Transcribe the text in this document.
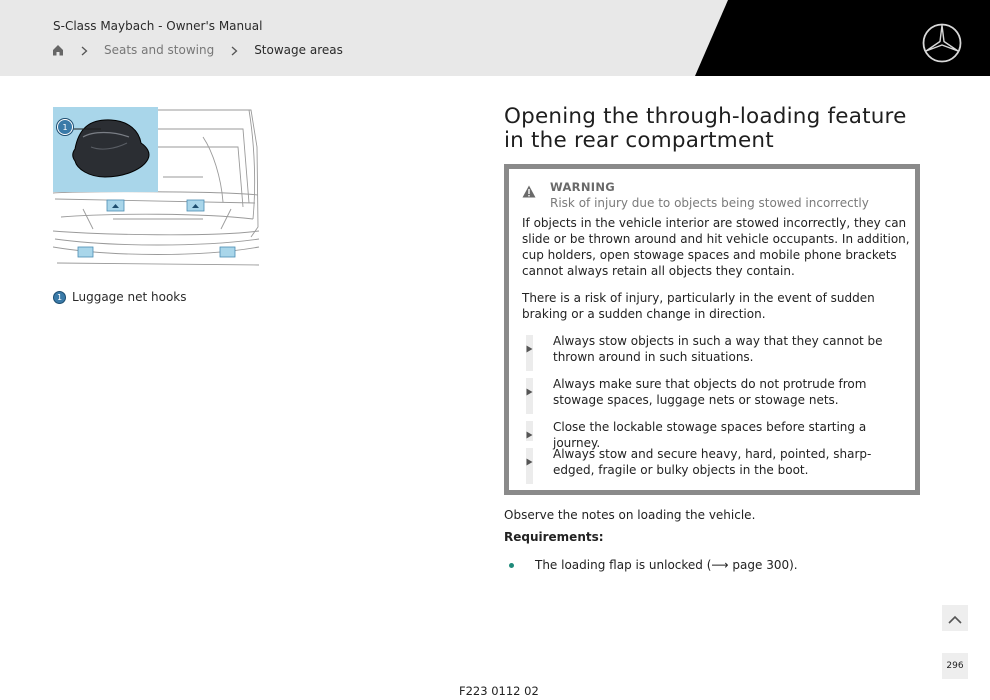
S-Class Maybach - Owner's Manual
Seats and stowing	Stowage areas
1
1 Luggage net hooks
Opening the through-loading feature in the rear compartment
WARNING
Risk of injury due to objects being stowed incorrectly
If objects in the vehicle interior are stowed incorrectly, they can slide or be thrown around and hit vehicle occupants. In addition, cup holders, open stowage spaces and mobile phone brackets cannot always retain all objects they contain.
There is a risk of injury, particularly in the event of sudden braking or a sudden change in direction.
Always stow objects in such a way that they cannot be thrown around in such situations.
Always make sure that objects do not protrude from stowage spaces, luggage nets or stowage nets.
Close the lockable stowage spaces before starting a journey.
Always stow and secure heavy, hard, pointed, sharp-edged, fragile or bulky objects in the boot.
Observe the notes on loading the vehicle.
Requirements:
The loading flap is unlocked (⟶ page 300).
296
F223 0112 02
